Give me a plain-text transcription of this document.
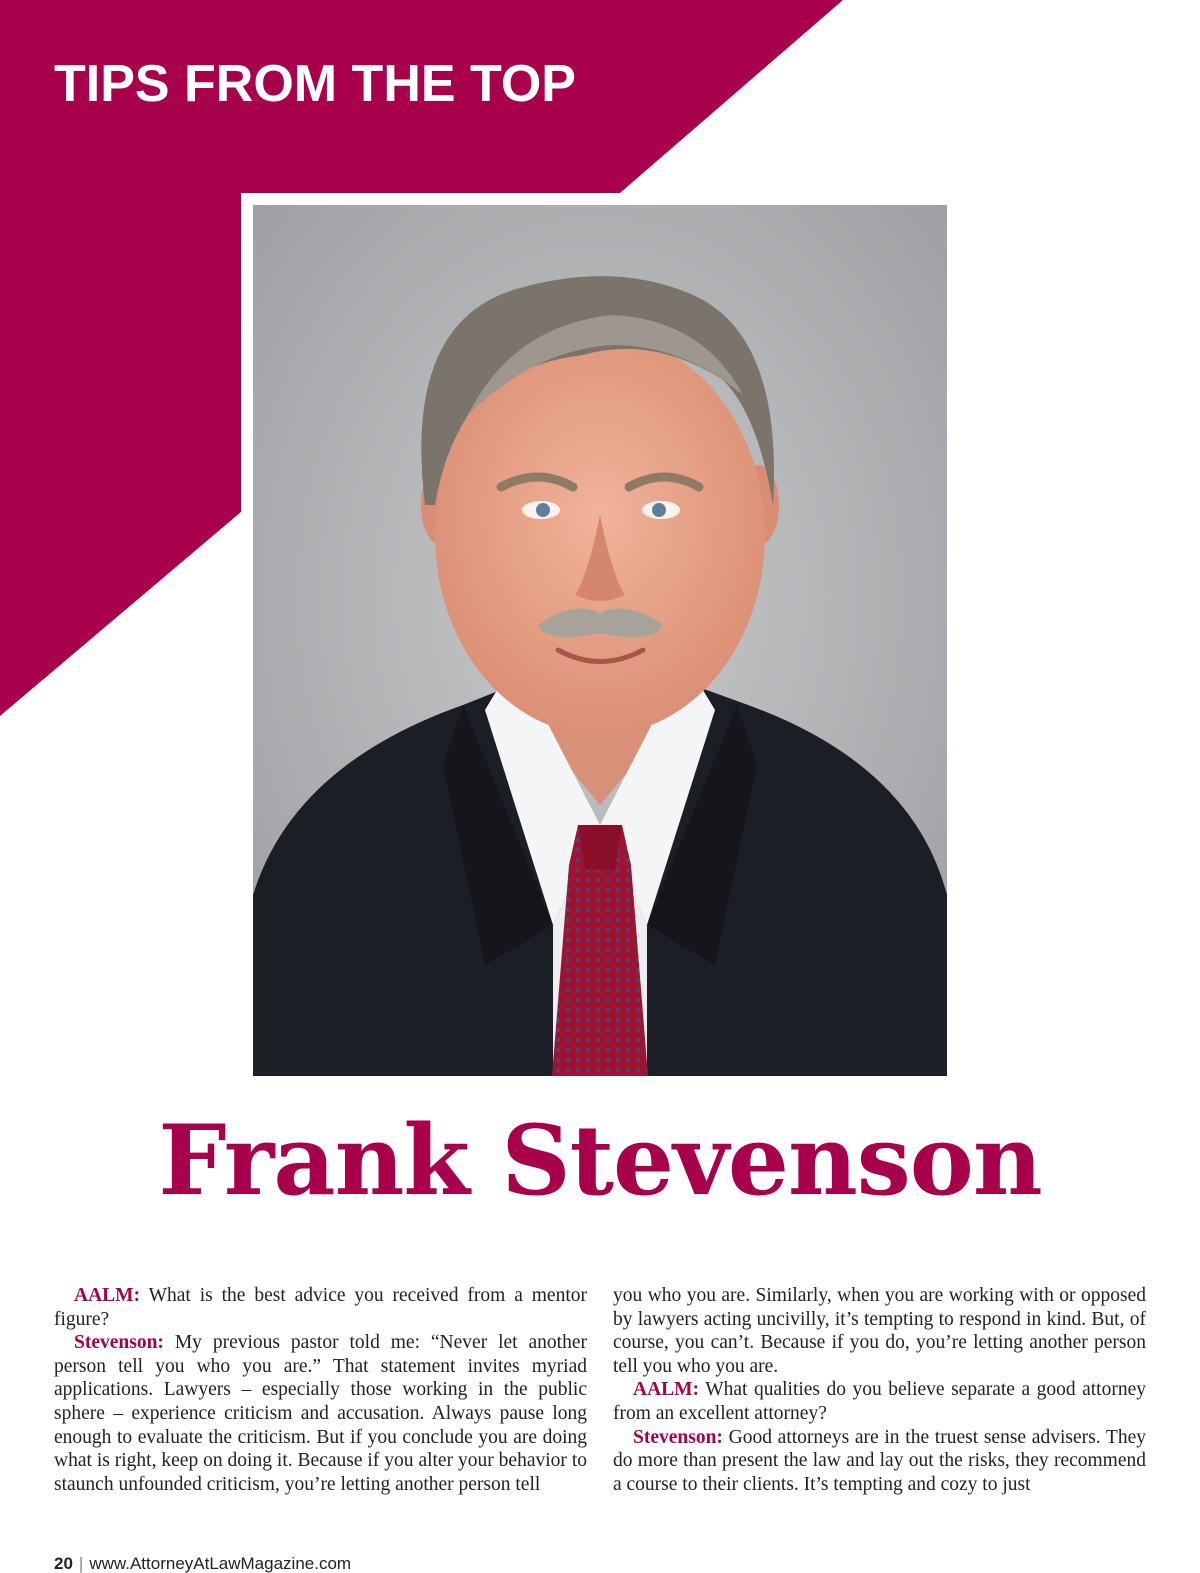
TIPS FROM THE TOP
Frank Stevenson

AALM: What is the best advice you received from a mentor figure?

Stevenson: My previous pastor told me: “Never let another person tell you who you are.” That statement invites myriad applications. Lawyers – especially those working in the public sphere – experience criticism and accusation. Always pause long enough to evaluate the criticism. But if you conclude you are doing what is right, keep on doing it. Because if you alter your behavior to staunch unfounded criticism, you’re letting another person tell

you who you are. Similarly, when you are working with or opposed by lawyers acting uncivilly, it’s tempting to respond in kind. But, of course, you can’t. Because if you do, you’re letting another person tell you who you are.

AALM: What qualities do you believe separate a good attorney from an excellent attorney?

Stevenson: Good attorneys are in the truest sense advisers. They do more than present the law and lay out the risks, they recommend a course to their clients. It’s tempting and cozy to just

20 | www.AttorneyAtLawMagazine.com
